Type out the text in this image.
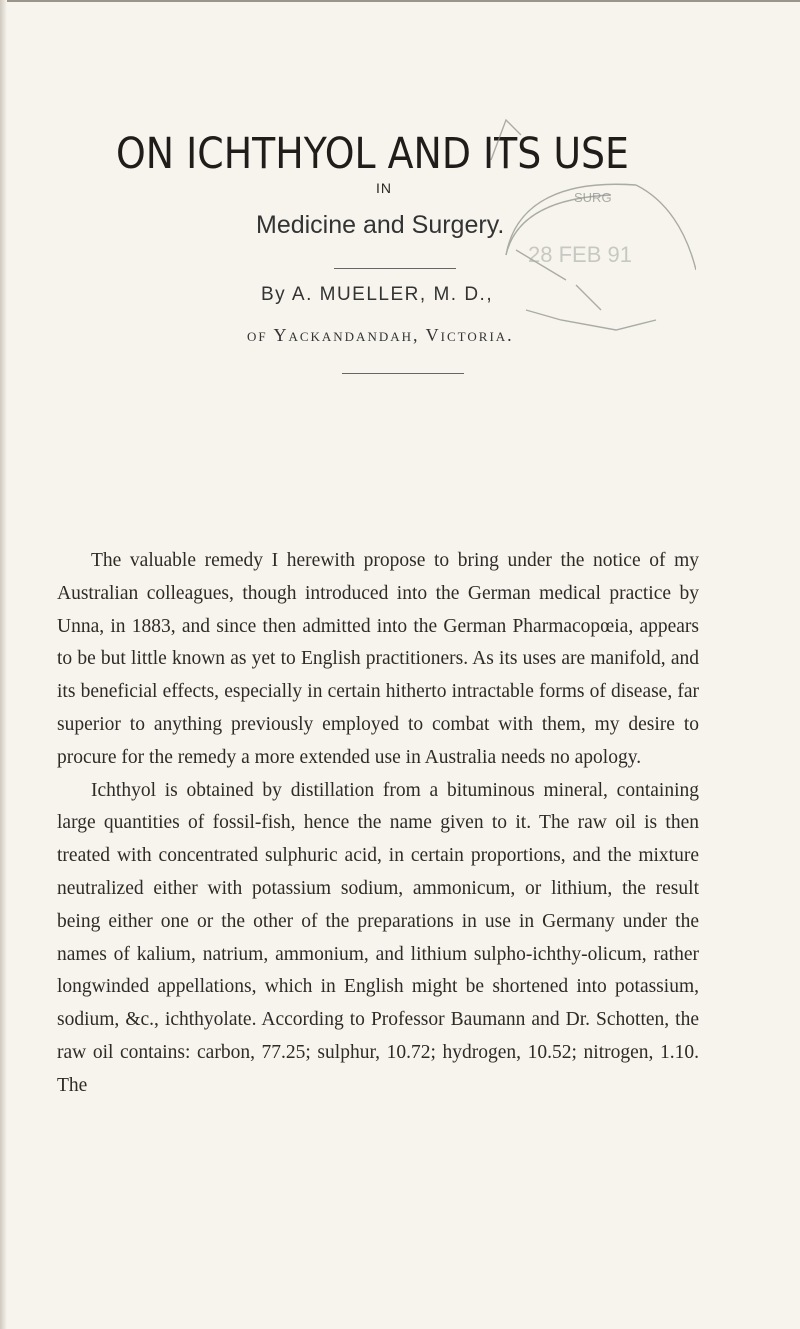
ON ICHTHYOL AND ITS USE
IN
Medicine and Surgery.
By A. MUELLER, M. D.,
of Yackandandah, Victoria.
SURG
28 FEB 91

The valuable remedy I herewith propose to bring under the notice of my Australian colleagues, though introduced into the German medical practice by Unna, in 1883, and since then admitted into the German Pharmacopœia, appears to be but little known as yet to English practitioners. As its uses are manifold, and its beneficial effects, especially in certain hitherto intractable forms of disease, far superior to anything previously employed to combat with them, my desire to procure for the remedy a more extended use in Australia needs no apology.

Ichthyol is obtained by distillation from a bituminous mineral, containing large quantities of fossil-fish, hence the name given to it. The raw oil is then treated with concentrated sulphuric acid, in certain proportions, and the mixture neutralized either with potassium sodium, ammonicum, or lithium, the result being either one or the other of the preparations in use in Germany under the names of kalium, natrium, ammonium, and lithium sulpho-ichthy-olicum, rather longwinded appellations, which in English might be shortened into potassium, sodium, &c., ichthyolate. According to Professor Baumann and Dr. Schotten, the raw oil contains: carbon, 77.25; sulphur, 10.72; hydrogen, 10.52; nitrogen, 1.10. The
